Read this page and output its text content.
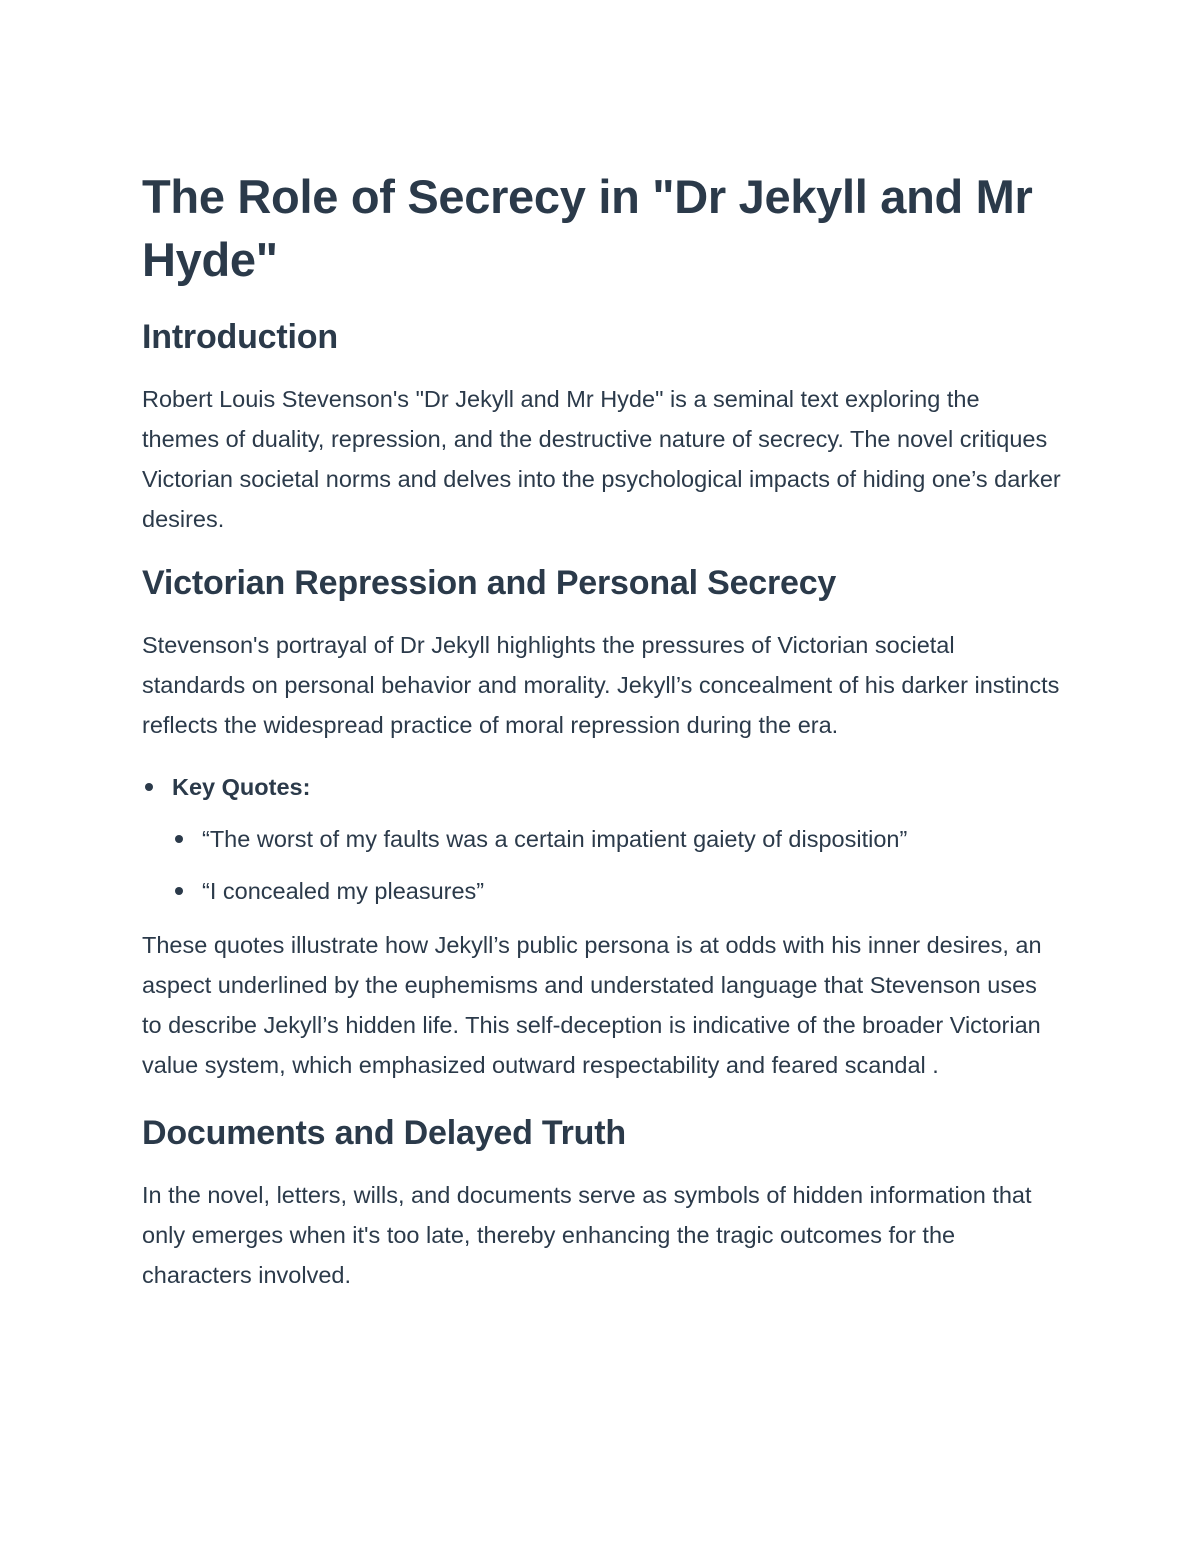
The Role of Secrecy in "Dr Jekyll and Mr Hyde"
Introduction

Robert Louis Stevenson's "Dr Jekyll and Mr Hyde" is a seminal text exploring the themes of duality, repression, and the destructive nature of secrecy. The novel critiques Victorian societal norms and delves into the psychological impacts of hiding one’s darker desires.

Victorian Repression and Personal Secrecy

Stevenson's portrayal of Dr Jekyll highlights the pressures of Victorian societal standards on personal behavior and morality. Jekyll’s concealment of his darker instincts reflects the widespread practice of moral repression during the era.

Key Quotes:
“The worst of my faults was a certain impatient gaiety of disposition”
“I concealed my pleasures”

These quotes illustrate how Jekyll’s public persona is at odds with his inner desires, an aspect underlined by the euphemisms and understated language that Stevenson uses to describe Jekyll’s hidden life. This self-deception is indicative of the broader Victorian value system, which emphasized outward respectability and feared scandal .

Documents and Delayed Truth

In the novel, letters, wills, and documents serve as symbols of hidden information that only emerges when it's too late, thereby enhancing the tragic outcomes for the characters involved.
